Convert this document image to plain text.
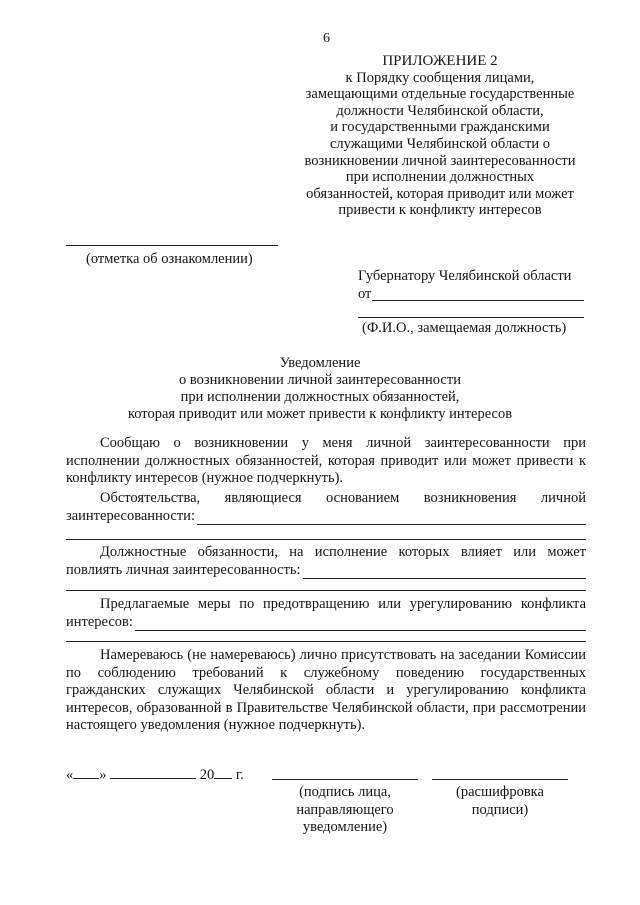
6
ПРИЛОЖЕНИЕ 2
к Порядку сообщения лицами,
замещающими отдельные государственные
должности Челябинской области,
и государственными гражданскими
служащими Челябинской области о
возникновении личной заинтересованности
при исполнении должностных
обязанностей, которая приводит или может
привести к конфликту интересов
(отметка об ознакомлении)
Губернатору Челябинской области
от
(Ф.И.О., замещаемая должность)
Уведомление
о возникновении личной заинтересованности
при исполнении должностных обязанностей,
которая приводит или может привести к конфликту интересов
Сообщаю о возникновении у меня личной заинтересованности при исполнении должностных обязанностей, которая приводит или может привести к конфликту интересов (нужное подчеркнуть).
Обстоятельства, являющиеся основанием возникновения личной
заинтересованности:
Должностные обязанности, на исполнение которых влияет или может
повлиять личная заинтересованность:
Предлагаемые меры по предотвращению или урегулированию конфликта
интересов:
Намереваюсь (не намереваюсь) лично присутствовать на заседании Комиссии по соблюдению требований к служебному поведению государственных гражданских служащих Челябинской области и урегулированию конфликта интересов, образованной в Правительстве Челябинской области, при рассмотрении настоящего уведомления (нужное подчеркнуть).
« »	20 г.
(подпись лица,
направляющего
уведомление)
(расшифровка
подписи)
